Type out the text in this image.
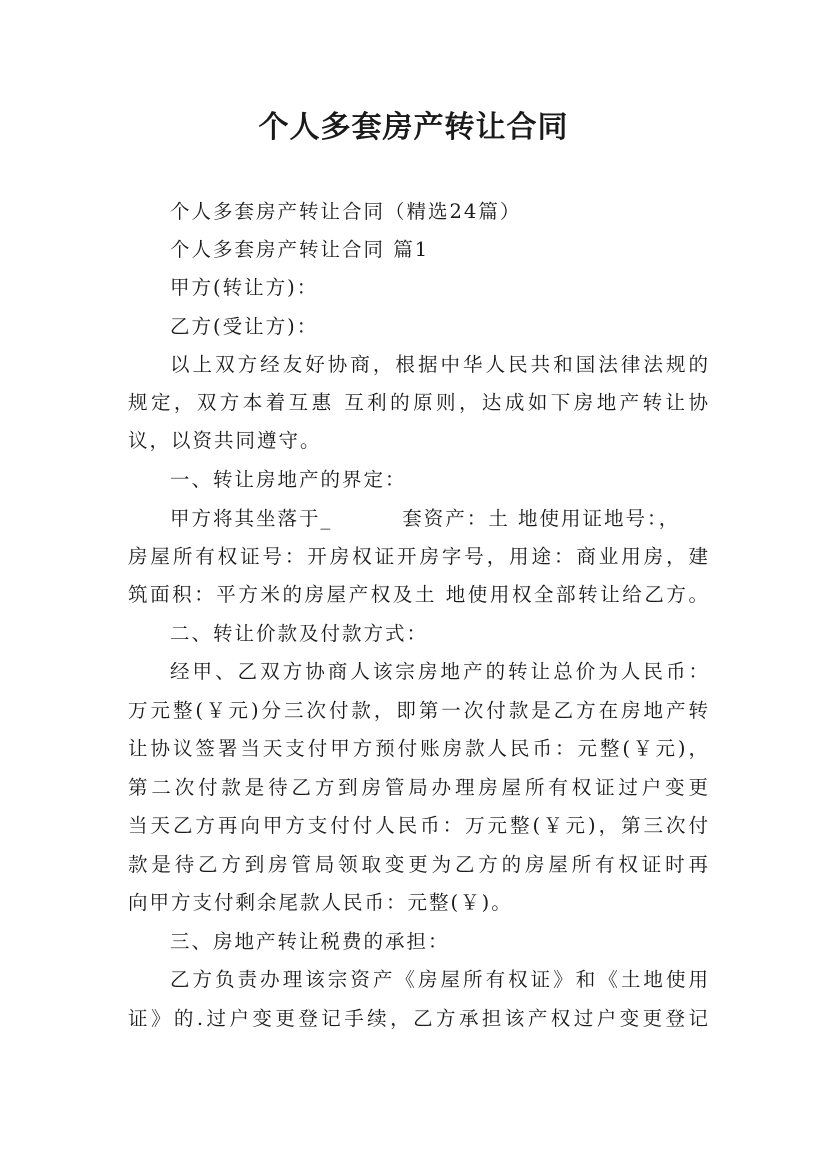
个人多套房产转让合同
个人多套房产转让合同（精选24篇）
个人多套房产转让合同 篇1
甲方(转让方)：
乙方(受让方)：
以上双方经友好协商，根据中华人民共和国法律法规的
规定，双方本着互惠 互利的原则，达成如下房地产转让协
议，以资共同遵守。
一、转让房地产的界定：
甲方将其坐落于_	套资产：土 地使用证地号：，
房屋所有权证号：开房权证开房字号，用途：商业用房，建
筑面积：平方米的房屋产权及土 地使用权全部转让给乙方。
二、转让价款及付款方式：
经甲、乙双方协商人该宗房地产的转让总价为人民币：
万元整(￥元)分三次付款，即第一次付款是乙方在房地产转
让协议签署当天支付甲方预付账房款人民币：元整(￥元)，
第二次付款是待乙方到房管局办理房屋所有权证过户变更
当天乙方再向甲方支付付人民币：万元整(￥元)，第三次付
款是待乙方到房管局领取变更为乙方的房屋所有权证时再
向甲方支付剩余尾款人民币：元整(￥)。
三、房地产转让税费的承担：
乙方负责办理该宗资产《房屋所有权证》和《土地使用
证》的.过户变更登记手续，乙方承担该产权过户变更登记
